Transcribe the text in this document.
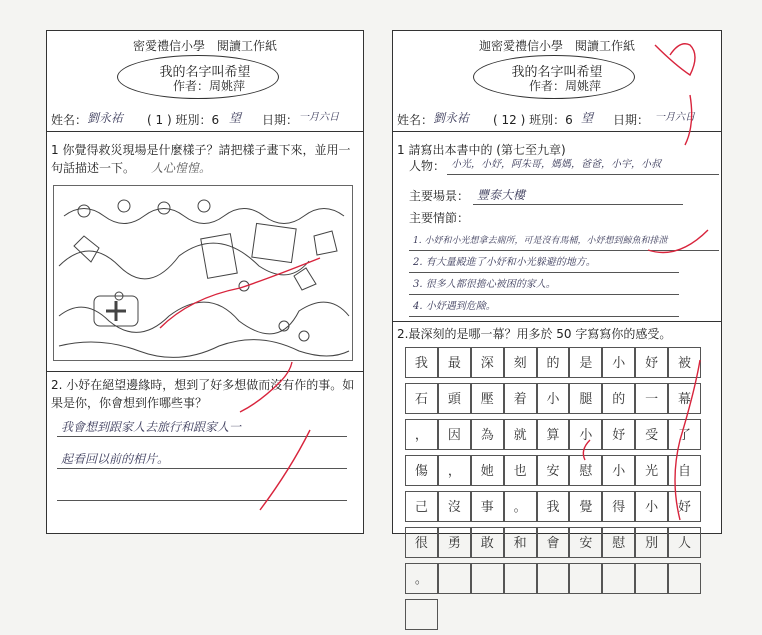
密愛禮信小學　閱讀工作紙
我的名字叫希望
作者：周姚萍
姓名： 劉永祐 ( 1 ) 班別：6 望 日期： 一月六日
1 你覺得救災現場是什麼樣子？請把樣子畫下來，並用一句話描述一下。	人心惶惶。
2. 小妤在絕望邊緣時，想到了好多想做而沒有作的事。如果是你，你會想到作哪些事？
我會想到跟家人去旅行和跟家人一
起看回以前的相片。
迦密愛禮信小學　閱讀工作紙
我的名字叫希望
作者：周姚萍
姓名： 劉永祐 ( 12 ) 班別：6 望 日期： 一月六日
1 請寫出本書中的 (第七至九章)
人物： 小光，小妤，阿朱哥，媽媽，爸爸，小宇，小叔
主要場景： 豐泰大樓
主要情節：
1. 小妤和小光想拿去廁所，可是沒有馬桶，小妤想到鯨魚和排泄
2. 有大量殿進了小妤和小光躲避的地方。
3. 很多人都很擔心被困的家人。
4. 小妤遇到危險。
2.最深刻的是哪一幕？用多於 50 字寫寫你的感受。
我	最	深	刻	的	是	小	妤	被
石	頭	壓	着	小	腿	的	一	幕
，	因	為	就	算	小	妤	受	了
傷	，	她	也	安	慰	小	光	自
己	沒	事	。	我	覺	得	小	妤
很	勇	敢	和	會	安	慰	別	人
。
